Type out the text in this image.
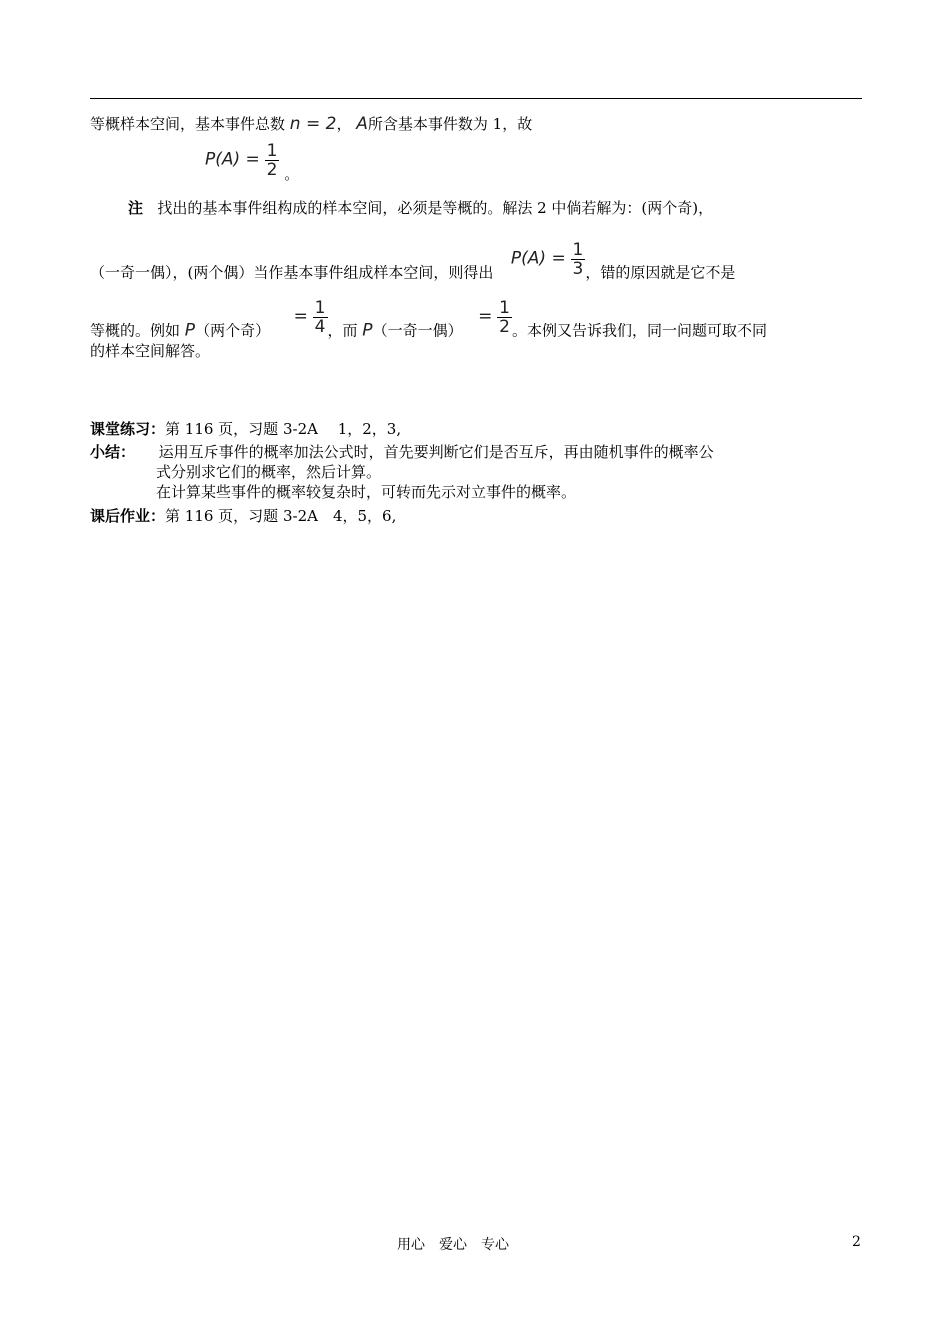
等概样本空间，基本事件总数 n = 2， A所含基本事件数为 1，故
$P(A) = \frac{1}{2}$ 。
注 找出的基本事件组构成的样本空间，必须是等概的。解法 2 中倘若解为：(两个奇)，
（一奇一偶），(两个偶）当作基本事件组成样本空间，则得出  $P(A) = \frac{1}{3}$ ，错的原因就是它不是
等概的。例如 P（两个奇）  = $\frac{1}{4}$ ，而 P（一奇一偶）  = $\frac{1}{2}$ 。本例又告诉我们，同一问题可取不同
的样本空间解答。
课堂练习：第 116 页，习题 3-2A　 1，2，3,
小结： 运用互斥事件的概率加法公式时，首先要判断它们是否互斥，再由随机事件的概率公
式分别求它们的概率，然后计算。
在计算某些事件的概率较复杂时，可转而先示对立事件的概率。
课后作业：第 116 页，习题 3-2A　4，5，6,
用心　爱心　专心	2
